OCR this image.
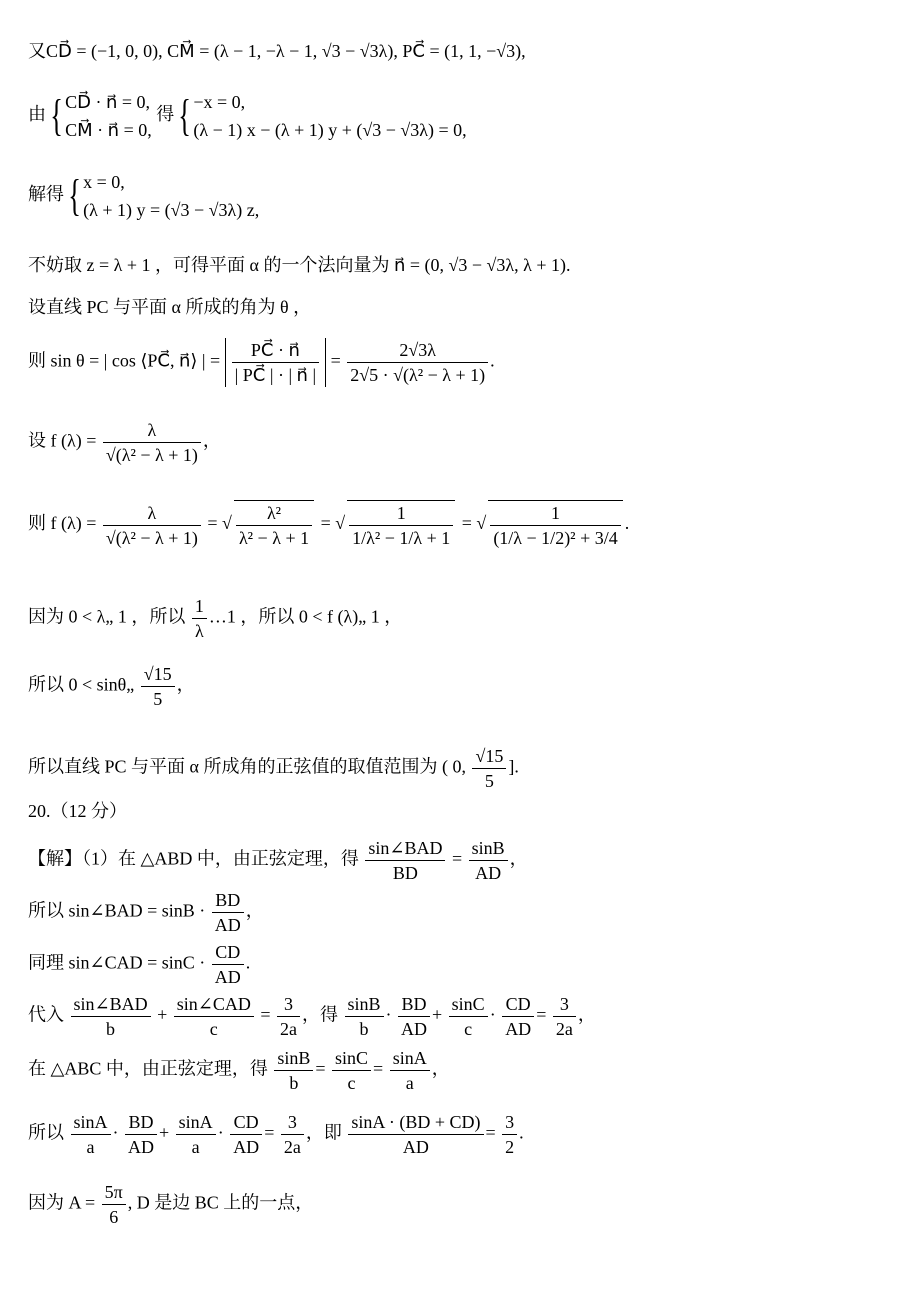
又CD⃗ = (−1, 0, 0), CM⃗ = (λ − 1, −λ − 1, √3 − √3λ), PC⃗ = (1, 1, −√3),
由{ CD⃗ · n⃗ = 0,
CM⃗ · n⃗ = 0,
得{ −x = 0,
(λ − 1) x − (λ + 1) y + (√3 − √3λ) = 0,
解得{ x = 0,
(λ + 1) y = (√3 − √3λ) z,
不妨取 z = λ + 1 ，可得平面 α 的一个法向量为 n⃗ = (0, √3 − √3λ, λ + 1).
设直线 PC 与平面 α 所成的角为 θ ，
则 sin θ = | cos ⟨PC⃗, n⃗⟩ | = $\frac{PC⃗ \cdot n⃗}{| PC⃗ | \cdot | n⃗ |} = \frac{2√3\lambda}{\text{2√5 · √(λ² − λ + 1)}}$ .
设 f $(\lambda) = \frac{\lambda}{\text{√(λ² − λ + 1)}}$ ，
则 f $(\lambda) = \frac{\lambda}{\text{√(λ² − λ + 1)}}$ = √ $\frac{\text{λ²}}{\text{λ² − λ + 1}}$ = √ $\frac{1}{\text{1/λ² − 1/λ + 1}}$ = √ $\frac{1}{\text{(1/λ − 1/2)² + 3/4}}$ .
因为 0 < λ„ 1 ，所以 $\frac{1}{\lambda}$ …1 ，所以 0 < f (λ)„ 1 ，
所以 0 < sinθ„ $\frac{√15}{5}$ ，
所以直线 PC 与平面 α 所成角的正弦值的取值范围为 ( 0, $\frac{√15}{5}$ ].
20.（12 分）
【解】（1）在 △ABD 中，由正弦定理，得 $\frac{\text{sin∠BAD}}{BD} = \frac{\sin B}{AD}$ ，
所以 sin∠BAD = $\sin B \cdot \frac{BD}{AD}$ ，
同理 sin∠CAD = $\sin C \cdot \frac{CD}{AD}$ .
代入 $\frac{\text{sin∠BAD}}{b} + \frac{\text{sin∠CAD}}{c} = \frac{3}{2a}$ ，得 $\frac{\sin B}{b} \cdot \frac{BD}{AD} + \frac{\sin C}{c} \cdot \frac{CD}{AD} = \frac{3}{2a}$ ，
在 △ABC 中，由正弦定理，得 $\frac{\sin B}{b} = \frac{\sin C}{c} = \frac{\sin A}{a}$ ，
所以 $\frac{\sin A}{a} \cdot \frac{BD}{AD} + \frac{\sin A}{a} \cdot \frac{CD}{AD} = \frac{3}{2a}$ ，即 $\frac{\sin A \cdot (BD + CD)}{AD} = \frac{3}{2}$ .
因为 $A = \frac{5\pi}{6}$ , D 是边 BC 上的一点，
